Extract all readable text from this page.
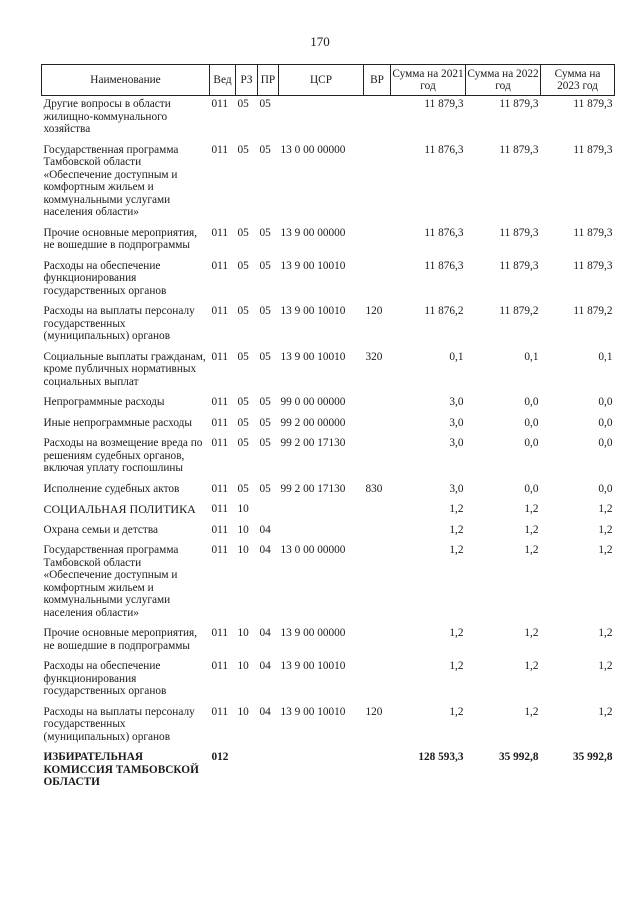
170
Наименование	Вед	РЗ	ПР	ЦСР	ВР	Сумма на 2021 год	Сумма на 2022 год	Сумма на 2023 год
Другие вопросы в области жилищно-коммунального хозяйства	011	05	05			11 879,3	11 879,3	11 879,3
Государственная программа Тамбовской области «Обеспечение доступным и комфортным жильем и коммунальными услугами населения области»	011	05	05	13 0 00 00000		11 876,3	11 879,3	11 879,3
Прочие основные мероприятия, не вошедшие в подпрограммы	011	05	05	13 9 00 00000		11 876,3	11 879,3	11 879,3
Расходы на обеспечение функционирования государственных органов	011	05	05	13 9 00 10010		11 876,3	11 879,3	11 879,3
Расходы на выплаты персоналу государственных (муниципальных) органов	011	05	05	13 9 00 10010	120	11 876,2	11 879,2	11 879,2
Социальные выплаты гражданам, кроме публичных нормативных социальных выплат	011	05	05	13 9 00 10010	320	0,1	0,1	0,1
Непрограммные расходы	011	05	05	99 0 00 00000		3,0	0,0	0,0
Иные непрограммные расходы	011	05	05	99 2 00 00000		3,0	0,0	0,0
Расходы на возмещение вреда по решениям судебных органов, включая уплату госпошлины	011	05	05	99 2 00 17130		3,0	0,0	0,0
Исполнение судебных актов	011	05	05	99 2 00 17130	830	3,0	0,0	0,0
СОЦИАЛЬНАЯ ПОЛИТИКА	011	10				1,2	1,2	1,2
Охрана семьи и детства	011	10	04			1,2	1,2	1,2
Государственная программа Тамбовской области «Обеспечение доступным и комфортным жильем и коммунальными услугами населения области»	011	10	04	13 0 00 00000		1,2	1,2	1,2
Прочие основные мероприятия, не вошедшие в подпрограммы	011	10	04	13 9 00 00000		1,2	1,2	1,2
Расходы на обеспечение функционирования государственных органов	011	10	04	13 9 00 10010		1,2	1,2	1,2
Расходы на выплаты персоналу государственных (муниципальных) органов	011	10	04	13 9 00 10010	120	1,2	1,2	1,2
ИЗБИРАТЕЛЬНАЯ КОМИССИЯ ТАМБОВСКОЙ ОБЛАСТИ	012					128 593,3	35 992,8	35 992,8
